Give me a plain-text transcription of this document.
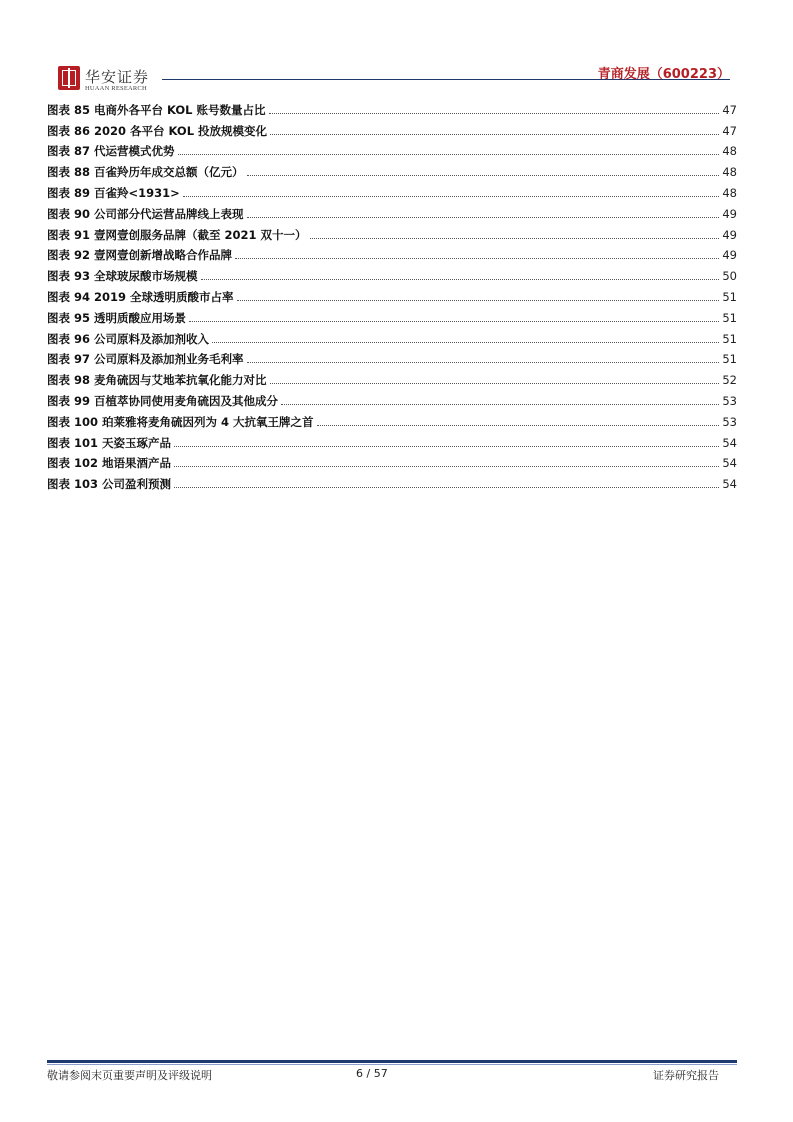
华安证券
HUAAN RESEARCH
青商发展（600223）
图表 85 电商外各平台 KOL 账号数量占比	47
图表 86 2020 各平台 KOL 投放规模变化	47
图表 87 代运营模式优势	48
图表 88 百雀羚历年成交总额（亿元）	48
图表 89 百雀羚<1931>	48
图表 90 公司部分代运营品牌线上表现	49
图表 91 壹网壹创服务品牌（截至 2021 双十一）	49
图表 92 壹网壹创新增战略合作品牌	49
图表 93 全球玻尿酸市场规模	50
图表 94 2019 全球透明质酸市占率	51
图表 95 透明质酸应用场景	51
图表 96 公司原料及添加剂收入	51
图表 97 公司原料及添加剂业务毛利率	51
图表 98 麦角硫因与艾地苯抗氧化能力对比	52
图表 99 百植萃协同使用麦角硫因及其他成分	53
图表 100 珀莱雅将麦角硫因列为 4 大抗氧王牌之首	53
图表 101 天姿玉琢产品	54
图表 102 地语果酒产品	54
图表 103 公司盈利预测	54
敬请参阅末页重要声明及评级说明	6 / 57	证券研究报告
